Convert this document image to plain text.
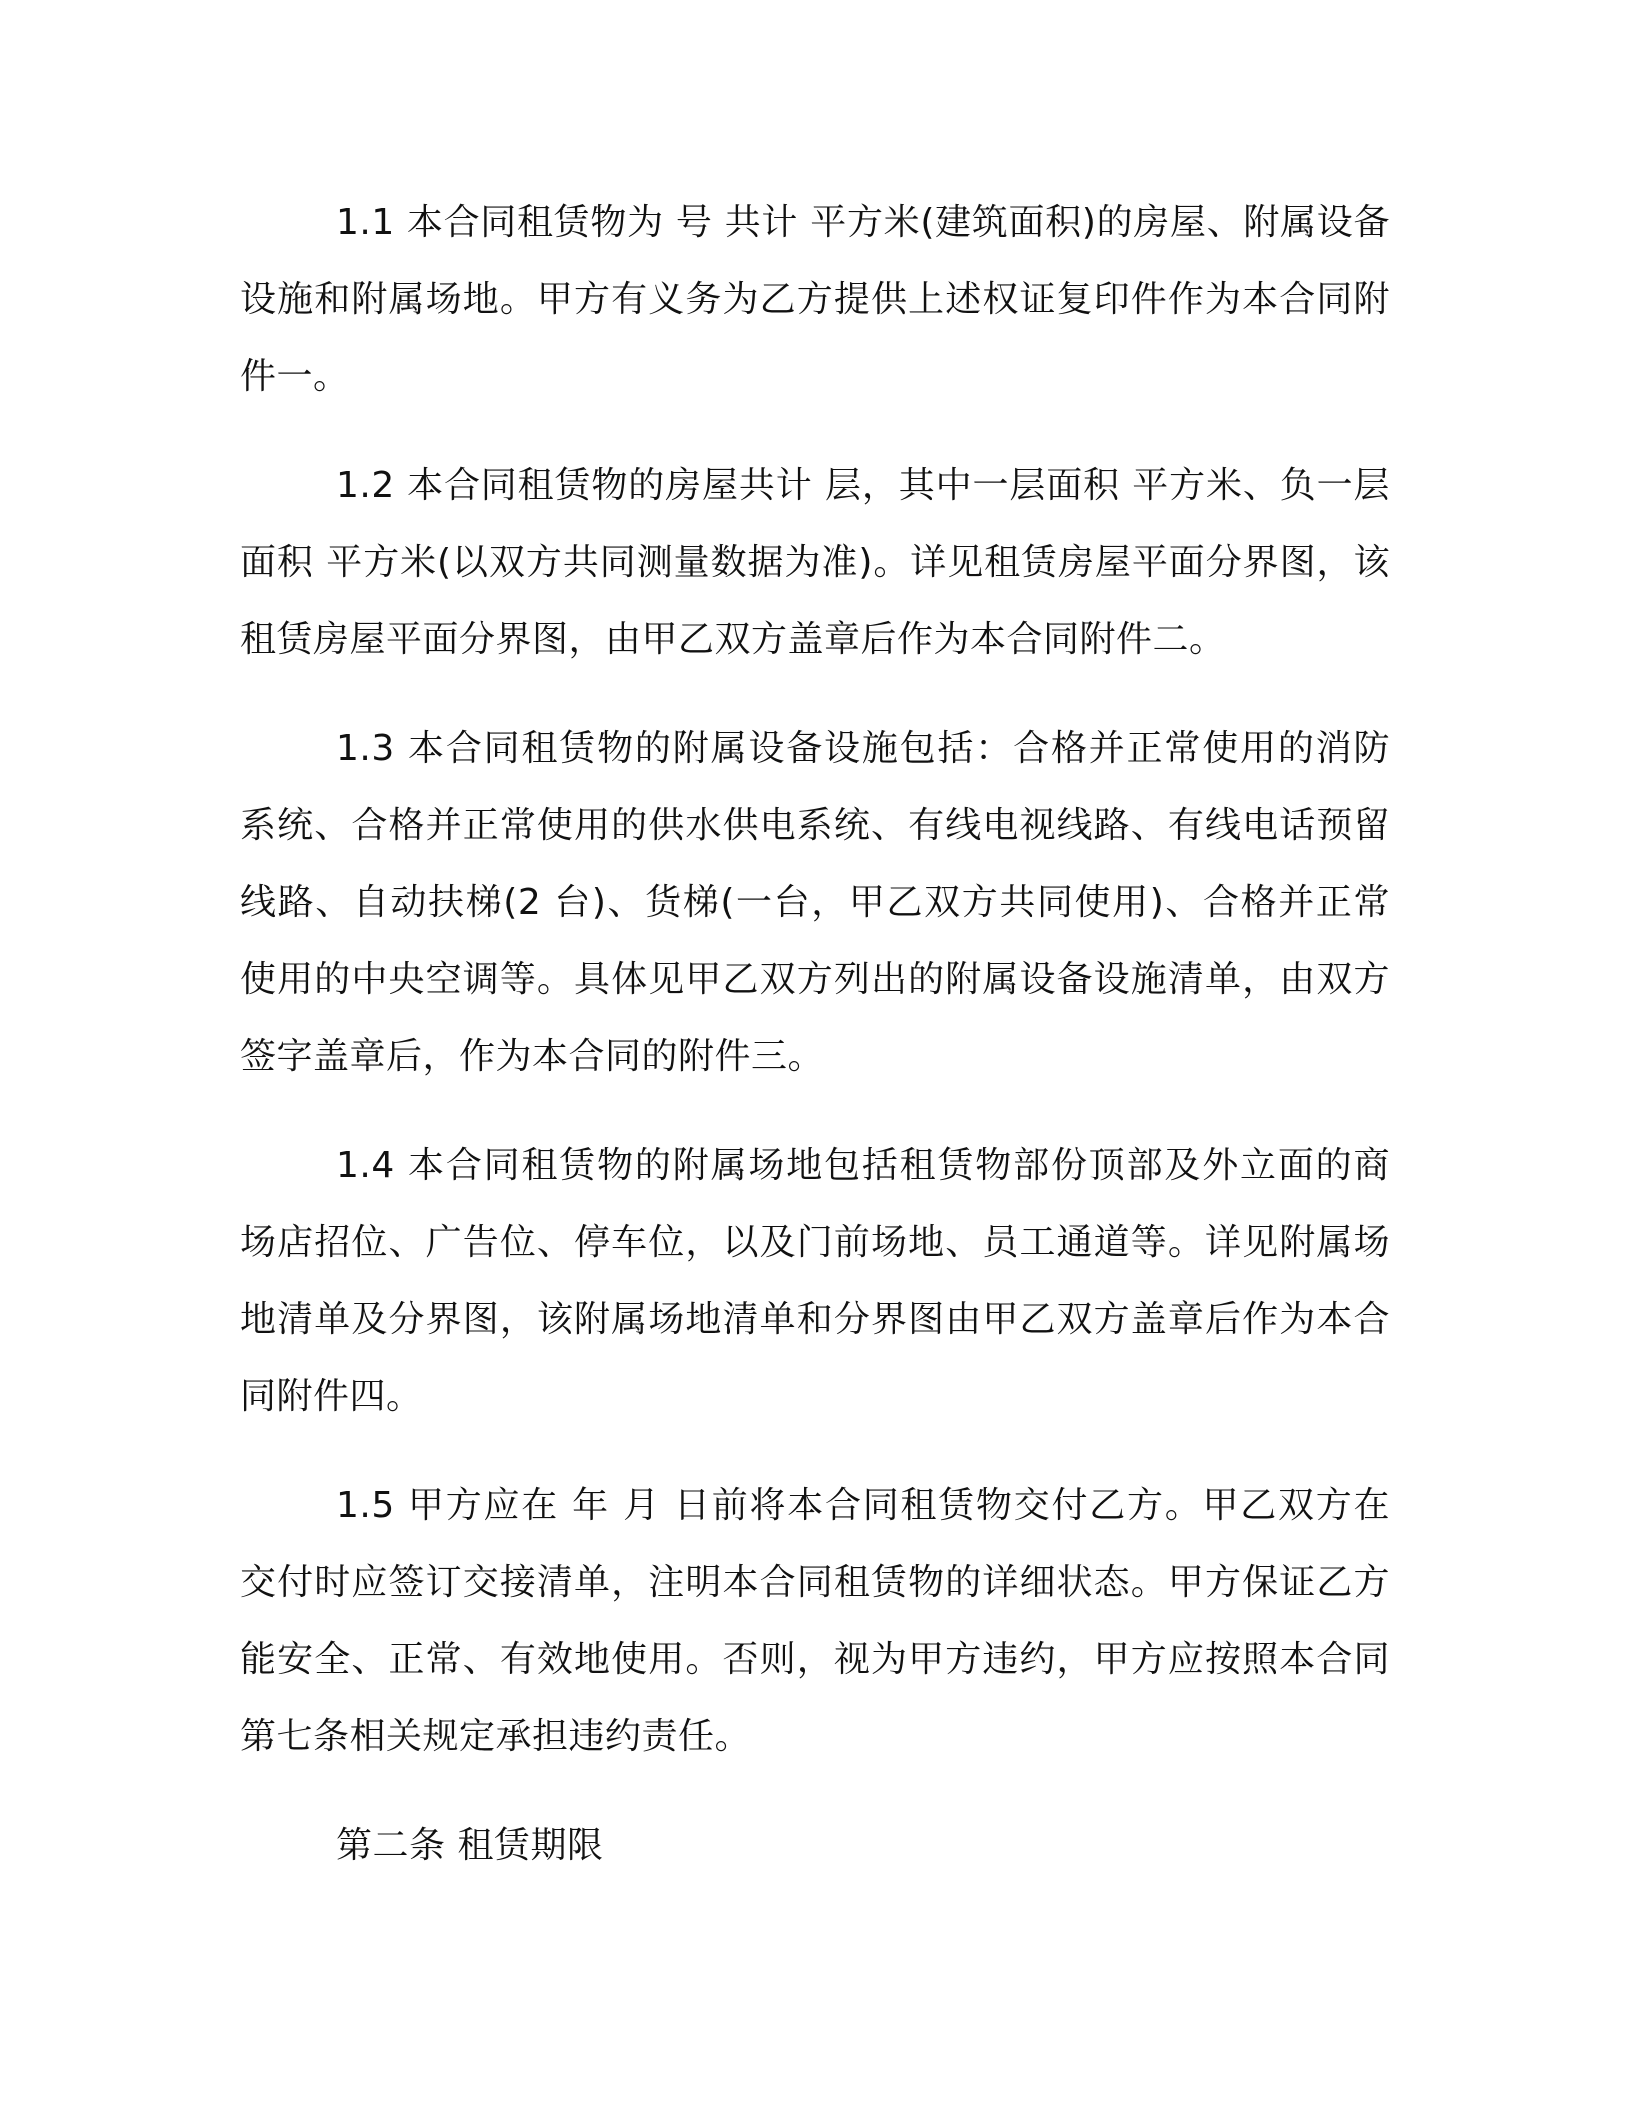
1.1 本合同租赁物为 号 共计 平方米(建筑面积)的房屋、附属设备设施和附属场地。甲方有义务为乙方提供上述权证复印件作为本合同附件一。

1.2 本合同租赁物的房屋共计 层，其中一层面积 平方米、负一层面积 平方米(以双方共同测量数据为准)。详见租赁房屋平面分界图，该租赁房屋平面分界图，由甲乙双方盖章后作为本合同附件二。

1.3 本合同租赁物的附属设备设施包括：合格并正常使用的消防系统、合格并正常使用的供水供电系统、有线电视线路、有线电话预留线路、自动扶梯(2 台)、货梯(一台，甲乙双方共同使用)、合格并正常使用的中央空调等。具体见甲乙双方列出的附属设备设施清单，由双方签字盖章后，作为本合同的附件三。

1.4 本合同租赁物的附属场地包括租赁物部份顶部及外立面的商场店招位、广告位、停车位，以及门前场地、员工通道等。详见附属场地清单及分界图，该附属场地清单和分界图由甲乙双方盖章后作为本合同附件四。

1.5 甲方应在 年 月 日前将本合同租赁物交付乙方。甲乙双方在交付时应签订交接清单，注明本合同租赁物的详细状态。甲方保证乙方能安全、正常、有效地使用。否则，视为甲方违约，甲方应按照本合同第七条相关规定承担违约责任。

第二条 租赁期限
